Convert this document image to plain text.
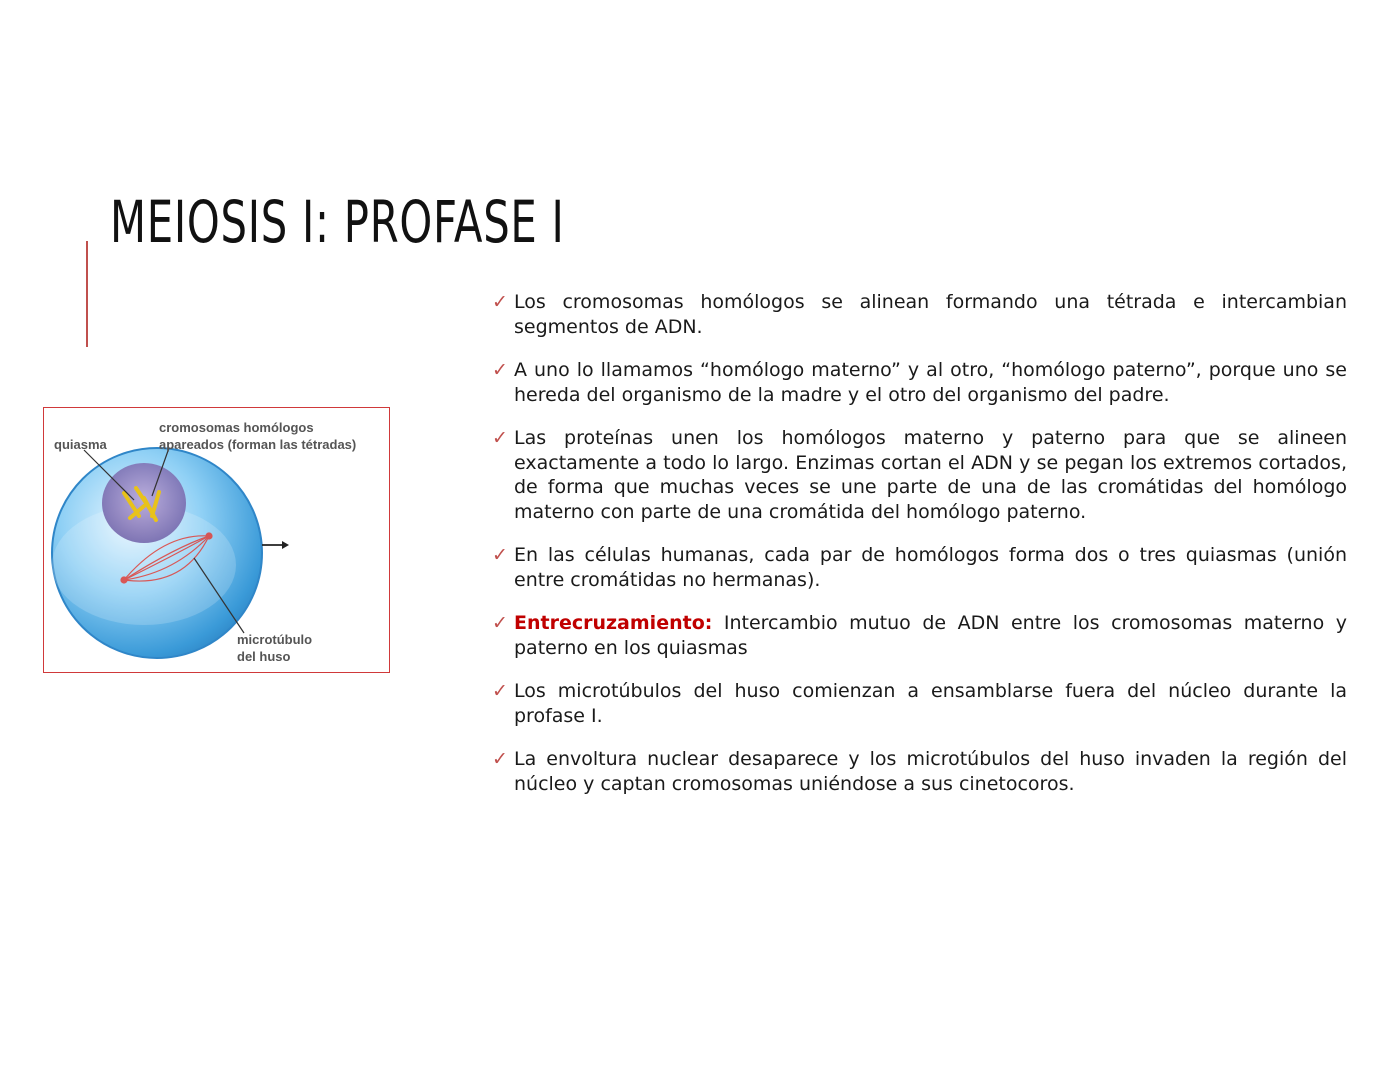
MEIOSIS I: PROFASE I
quiasma
cromosomas homólogos
apareados (forman las tétradas)
microtúbulo
del huso
✓ Los cromosomas homólogos se alinean formando una tétrada e intercambian segmentos de ADN.
✓ A uno lo llamamos “homólogo materno” y al otro, “homólogo paterno”, porque uno se hereda del organismo de la madre y el otro del organismo del padre.
✓ Las proteínas unen los homólogos materno y paterno para que se alineen exactamente a todo lo largo. Enzimas cortan el ADN y se pegan los extremos cortados, de forma que muchas veces se une parte de una de las cromátidas del homólogo materno con parte de una cromátida del homólogo paterno.
✓ En las células humanas, cada par de homólogos forma dos o tres quiasmas (unión entre cromátidas no hermanas).
✓ Entrecruzamiento: Intercambio mutuo de ADN entre los cromosomas materno y paterno en los quiasmas
✓ Los microtúbulos del huso comienzan a ensamblarse fuera del núcleo durante la profase I.
✓ La envoltura nuclear desaparece y los microtúbulos del huso invaden la región del núcleo y captan cromosomas uniéndose a sus cinetocoros.
